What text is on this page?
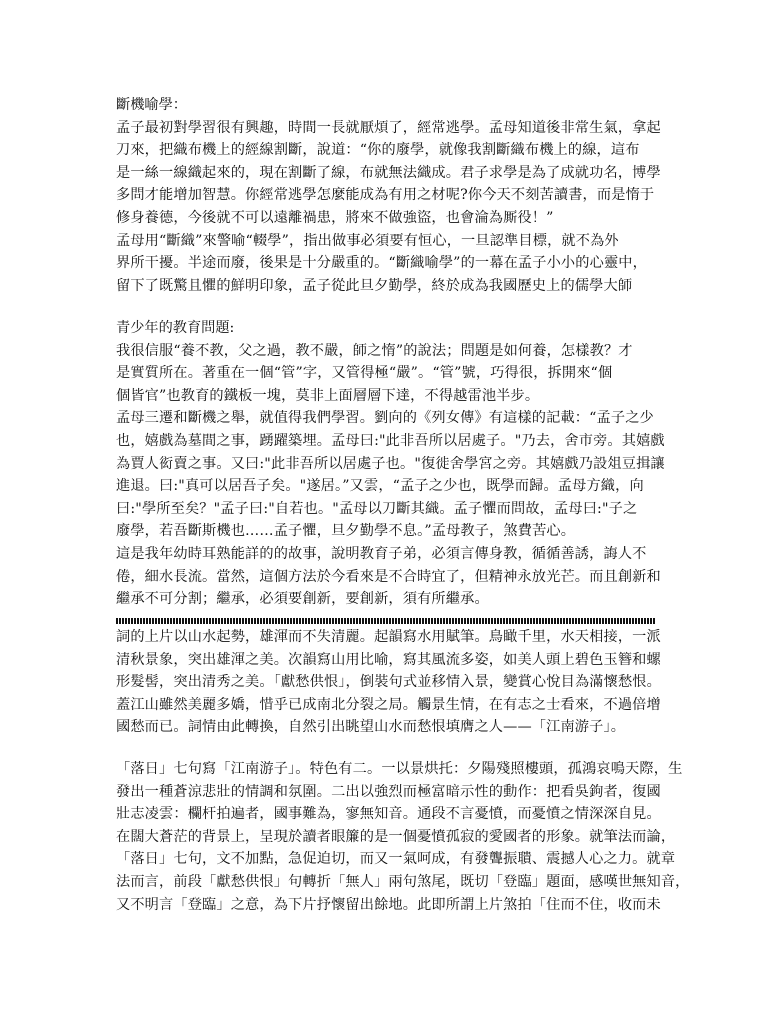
斷機喻學：
孟子最初對學習很有興趣，時間一長就厭煩了，經常逃學。孟母知道後非常生氣，拿起
刀來，把織布機上的經線割斷，說道：“你的廢學，就像我割斷織布機上的線，這布
是一絲一線織起來的，現在割斷了線，布就無法織成。君子求學是為了成就功名，博學
多問才能增加智慧。你經常逃學怎麼能成為有用之材呢?你今天不刻苦讀書，而是惰于
修身養德，今後就不可以遠離禍患，將來不做強盜，也會淪為厮役！”
孟母用“斷織”來警喻“輟學”，指出做事必須要有恒心，一旦認準目標，就不為外
界所干擾。半途而廢，後果是十分嚴重的。“斷織喻學”的一幕在孟子小小的心靈中，
留下了既驚且懼的鮮明印象，孟子從此旦夕勤學，終於成為我國歷史上的儒學大師
青少年的教育問題:
我很信服“養不教，父之過，教不嚴，師之惰”的說法；問題是如何養，怎樣教？才
是實質所在。著重在一個“管”字，又管得極“嚴”。“管”號，巧得很，拆開來“個
個皆官”也教育的鐵板一塊，莫非上面層層下達，不得越雷池半步。
孟母三遷和斷機之舉，就值得我們學習。劉向的《列女傳》有這樣的記載：“孟子之少
也，嬉戲為墓間之事，踴躍築埋。孟母曰:"此非吾所以居處子。"乃去，舍市旁。其嬉戲
為賈人衒賣之事。又曰:"此非吾所以居處子也。"復徙舍學宮之旁。其嬉戲乃設俎豆揖讓
進退。曰:"真可以居吾子矣。"遂居。”又雲，“孟子之少也，既學而歸。孟母方織，向
曰:"學所至矣？"孟子曰:"自若也。"孟母以刀斷其織。孟子懼而問故，孟母曰:"子之
廢學，若吾斷斯機也……孟子懼，旦夕勤學不息。”孟母教子，煞費苦心。
這是我年幼時耳熟能詳的的故事，說明教育子弟，必須言傳身教，循循善誘，誨人不
倦，細水長流。當然，這個方法於今看來是不合時宜了，但精神永放光芒。而且創新和
繼承不可分割；繼承，必須要創新，要創新，須有所繼承。
詞的上片以山水起勢，雄渾而不失清麗。起韻寫水用賦筆。鳥瞰千里，水天相接，一派
清秋景象，突出雄渾之美。次韻寫山用比喻，寫其風流多姿，如美人頭上碧色玉簪和螺
形髮髻，突出清秀之美。「獻愁供恨」，倒裝句式並移情入景，變賞心悅目為滿懷愁恨。
蓋江山雖然美麗多嬌，惜乎已成南北分裂之局。觸景生情，在有志之士看來，不過倍增
國愁而已。詞情由此轉換，自然引出眺望山水而愁恨填膺之人——「江南游子」。
「落日」七句寫「江南游子」。特色有二。一以景烘托：夕陽殘照樓頭，孤鴻哀鳴天際，生
發出一種蒼涼悲壯的情調和氛圍。二出以強烈而極富暗示性的動作：把看吳鉤者，復國
壯志凌雲：欄杆拍遍者，國事難為，寥無知音。通段不言憂憤，而憂憤之情深深自見。
在闊大蒼茫的背景上，呈現於讀者眼簾的是一個憂憤孤寂的愛國者的形象。就筆法而論，
「落日」七句，文不加點，急促迫切，而又一氣呵成，有發聾振聵、震撼人心之力。就章
法而言，前段「獻愁供恨」句轉折「無人」兩句煞尾，既切「登臨」題面，感嘆世無知音，
又不明言「登臨」之意，為下片抒懷留出餘地。此即所謂上片煞拍「住而不住，收而未
